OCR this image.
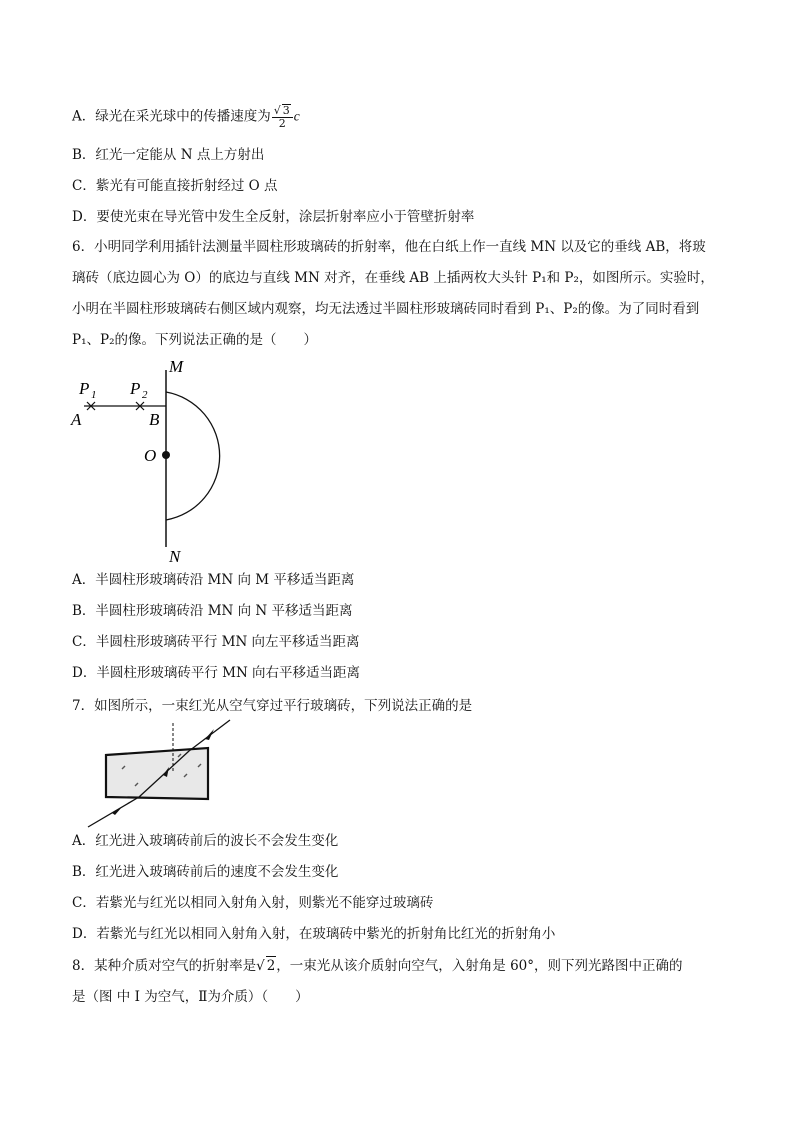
A．绿光在采光球中的传播速度为 $\frac{√ 3}{2}$ c
B．红光一定能从 N 点上方射出
C．紫光有可能直接折射经过 O 点
D．要使光束在导光管中发生全反射，涂层折射率应小于管壁折射率
6．小明同学利用插针法测量半圆柱形玻璃砖的折射率，他在白纸上作一直线 MN 以及它的垂线 AB，将玻
璃砖（底边圆心为 O）的底边与直线 MN 对齐，在垂线 AB 上插两枚大头针 P₁和 P₂，如图所示。实验时，
小明在半圆柱形玻璃砖右侧区域内观察，均无法透过半圆柱形玻璃砖同时看到 P₁、P₂的像。为了同时看到
P₁、P₂的像。下列说法正确的是（　　）
M
N
A	B
O
P 1 P 2
A．半圆柱形玻璃砖沿 MN 向 M 平移适当距离
B．半圆柱形玻璃砖沿 MN 向 N 平移适当距离
C．半圆柱形玻璃砖平行 MN 向左平移适当距离
D．半圆柱形玻璃砖平行 MN 向右平移适当距离
7．如图所示，一束红光从空气穿过平行玻璃砖，下列说法正确的是
A．红光进入玻璃砖前后的波长不会发生变化
B．红光进入玻璃砖前后的速度不会发生变化
C．若紫光与红光以相同入射角入射，则紫光不能穿过玻璃砖
D．若紫光与红光以相同入射角入射，在玻璃砖中紫光的折射角比红光的折射角小
8．某种介质对空气的折射率是√ 2，一束光从该介质射向空气，入射角是 60°，则下列光路图中正确的
是（图 中 Ⅰ 为空气，Ⅱ为介质）（　　）
